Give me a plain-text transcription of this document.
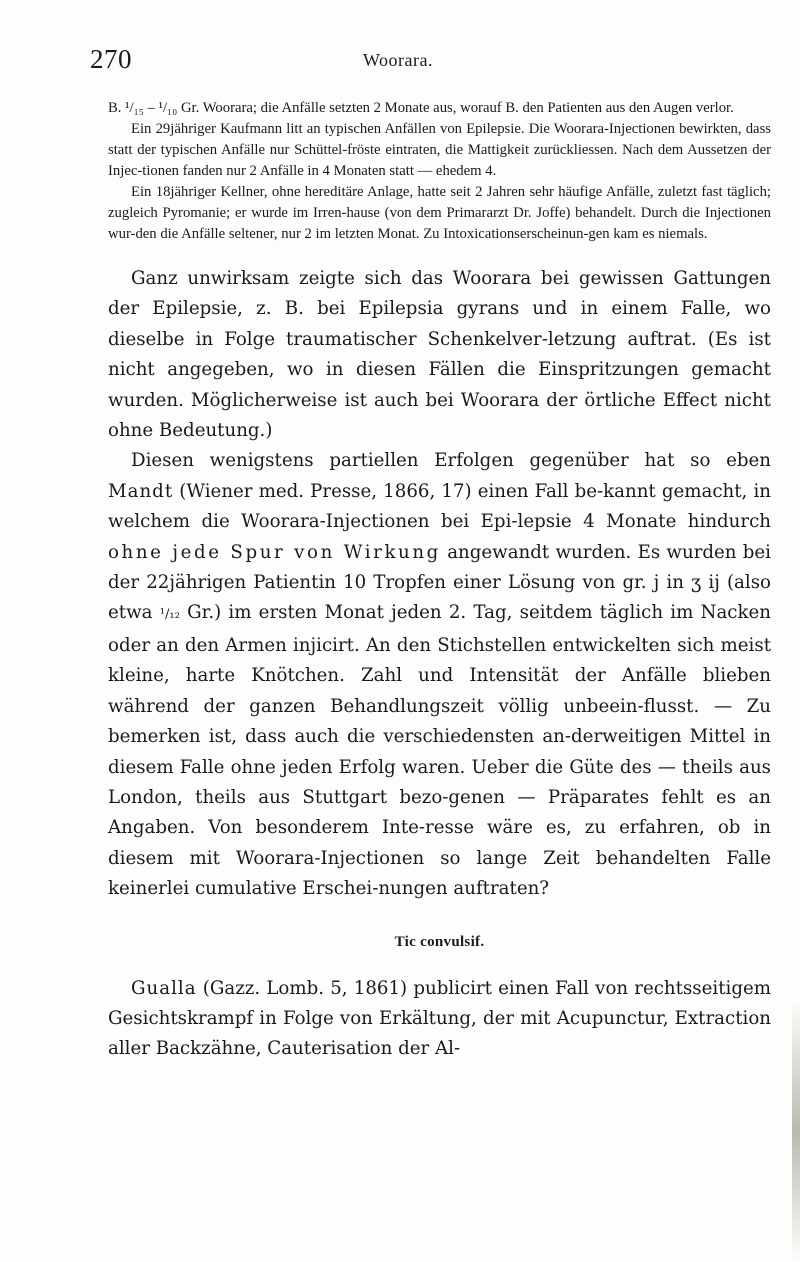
270	Woorara.

B. ¹/₁₅ – ¹/₁₀ Gr. Woorara; die Anfälle setzten 2 Monate aus, worauf B. den Patienten aus den Augen verlor.

Ein 29jähriger Kaufmann litt an typischen Anfällen von Epilepsie. Die Woorara-Injectionen bewirkten, dass statt der typischen Anfälle nur Schüttel-fröste eintraten, die Mattigkeit zurückliessen. Nach dem Aussetzen der Injec-tionen fanden nur 2 Anfälle in 4 Monaten statt — ehedem 4.

Ein 18jähriger Kellner, ohne hereditäre Anlage, hatte seit 2 Jahren sehr häufige Anfälle, zuletzt fast täglich; zugleich Pyromanie; er wurde im Irren-hause (von dem Primararzt Dr. Joffe) behandelt. Durch die Injectionen wur-den die Anfälle seltener, nur 2 im letzten Monat. Zu Intoxicationserscheinun-gen kam es niemals.

Ganz unwirksam zeigte sich das Woorara bei gewissen Gattungen der Epilepsie, z. B. bei Epilepsia gyrans und in einem Falle, wo dieselbe in Folge traumatischer Schenkelver-letzung auftrat. (Es ist nicht angegeben, wo in diesen Fällen die Einspritzungen gemacht wurden. Möglicherweise ist auch bei Woorara der örtliche Effect nicht ohne Bedeutung.)

Diesen wenigstens partiellen Erfolgen gegenüber hat so eben Mandt (Wiener med. Presse, 1866, 17) einen Fall be-kannt gemacht, in welchem die Woorara-Injectionen bei Epi-lepsie 4 Monate hindurch ohne jede Spur von Wirkung angewandt wurden. Es wurden bei der 22jährigen Patientin 10 Tropfen einer Lösung von gr. j in ʒ ij (also etwa ¹/₁₂ Gr.) im ersten Monat jeden 2. Tag, seitdem täglich im Nacken oder an den Armen injicirt. An den Stichstellen entwickelten sich meist kleine, harte Knötchen. Zahl und Intensität der Anfälle blieben während der ganzen Behandlungszeit völlig unbeein-flusst. — Zu bemerken ist, dass auch die verschiedensten an-derweitigen Mittel in diesem Falle ohne jeden Erfolg waren. Ueber die Güte des — theils aus London, theils aus Stuttgart bezo-genen — Präparates fehlt es an Angaben. Von besonderem Inte-resse wäre es, zu erfahren, ob in diesem mit Woorara-Injectionen so lange Zeit behandelten Falle keinerlei cumulative Erschei-nungen auftraten?

Tic convulsif.

Gualla (Gazz. Lomb. 5, 1861) publicirt einen Fall von rechtsseitigem Gesichtskrampf in Folge von Erkältung, der mit Acupunctur, Extraction aller Backzähne, Cauterisation der Al-
